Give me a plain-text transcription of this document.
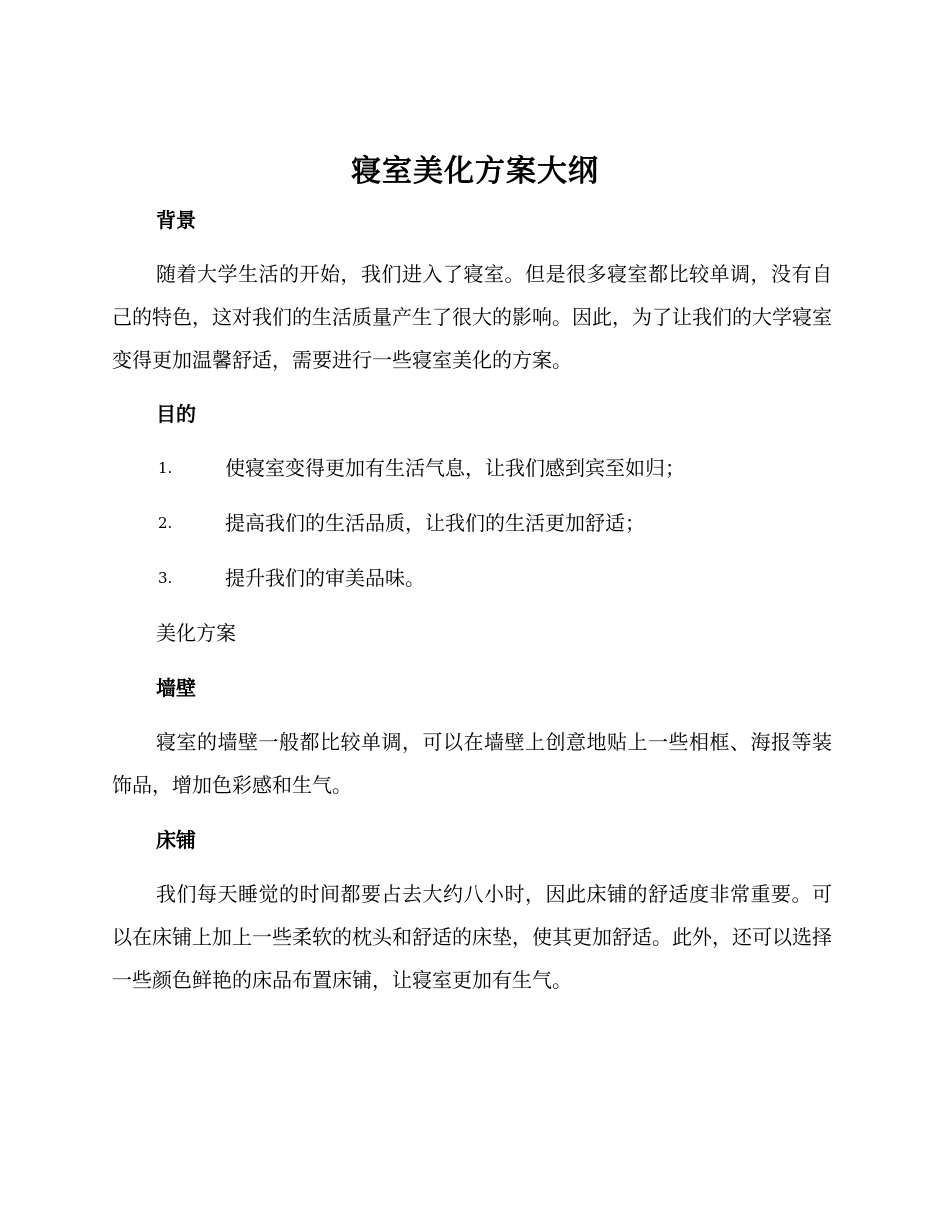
寝室美化方案大纲
背景

随着大学生活的开始，我们进入了寝室。但是很多寝室都比较单调，没有自己的特色，这对我们的生活质量产生了很大的影响。因此，为了让我们的大学寝室变得更加温馨舒适，需要进行一些寝室美化的方案。

目的
1.	使寝室变得更加有生活气息，让我们感到宾至如归；
2.	提高我们的生活品质，让我们的生活更加舒适；
3.	提升我们的审美品味。
美化方案
墙壁

寝室的墙壁一般都比较单调，可以在墙壁上创意地贴上一些相框、海报等装饰品，增加色彩感和生气。

床铺

我们每天睡觉的时间都要占去大约八小时，因此床铺的舒适度非常重要。可以在床铺上加上一些柔软的枕头和舒适的床垫，使其更加舒适。此外，还可以选择一些颜色鲜艳的床品布置床铺，让寝室更加有生气。
